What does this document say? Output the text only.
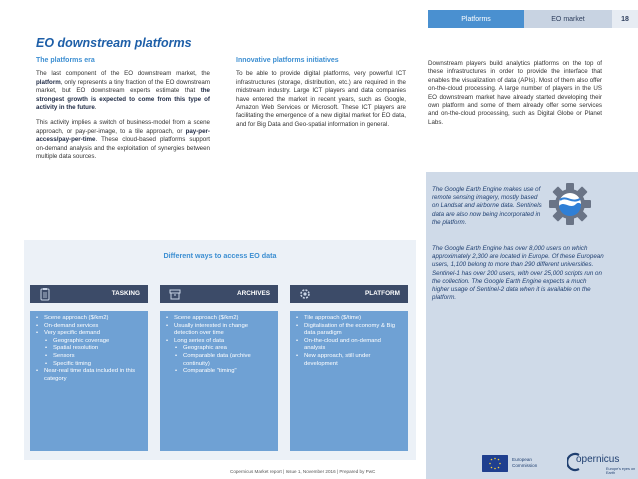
Platforms	EO market	18
EO downstream platforms
The platforms era

The last component of the EO downstream market, the platform, only represents a tiny fraction of the EO downstream market, but EO downstream experts estimate that the strongest growth is expected to come from this type of activity in the future.

This activity implies a switch of business-model from a scene approach, or pay-per-image, to a tile approach, or pay-per-access/pay-per-time. These cloud-based platforms support on-demand analysis and the exploitation of synergies between multiple data sources.

Innovative platforms initiatives

To be able to provide digital platforms, very powerful ICT infrastructures (storage, distribution, etc.) are required in the midstream industry. Large ICT players and data companies have entered the market in recent years, such as Google, Amazon Web Services or Microsoft. These ICT players are facilitating the emergence of a new digital market for EO data, and for Big Data and Geo-spatial information in general.

Downstream players build analytics platforms on the top of these infrastructures in order to provide the interface that enables the visualization of data (APIs). Most of them also offer on-the-cloud processing. A large number of players in the US EO downstream market have already started developing their own platform and some of them already offer some services and on-the-cloud processing, such as Digital Globe or Planet Labs.

The Google Earth Engine makes use of remote sensing imagery, mostly based on Landsat and airborne data. Sentinels data are also now being incorporated in the platform.
The Google Earth Engine has over 8,000 users on which approximately 2,300 are located in Europe. Of these European users, 1,100 belong to more than 290 different universities. Sentinel-1 has over 200 users, with over 25,000 scripts run on the collection. The Google Earth Engine expects a much higher usage of Sentinel-2 data when it is available on the platform.
Different ways to access EO data
TASKING
• Scene approach ($/km2)
• On-demand services
• Very specific demand
• Geographic coverage
• Spatial resolution
• Sensors
• Specific timing
• Near-real time data included in this category
ARCHIVES
• Scene approach ($/km2)
• Usually interested in change detection over time
• Long series of data
• Geographic area
• Comparable data (archive continuity)
• Comparable "timing"
PLATFORM
• Tile approach ($/time)
• Digitalisation of the economy & Big data paradigm
• On-the-cloud and on-demand analysis
• New approach, still under development
Copernicus Market report | Issue 1, November 2016 | Prepared by PwC
European
Commission
opernicus
Europe's eyes on Earth
